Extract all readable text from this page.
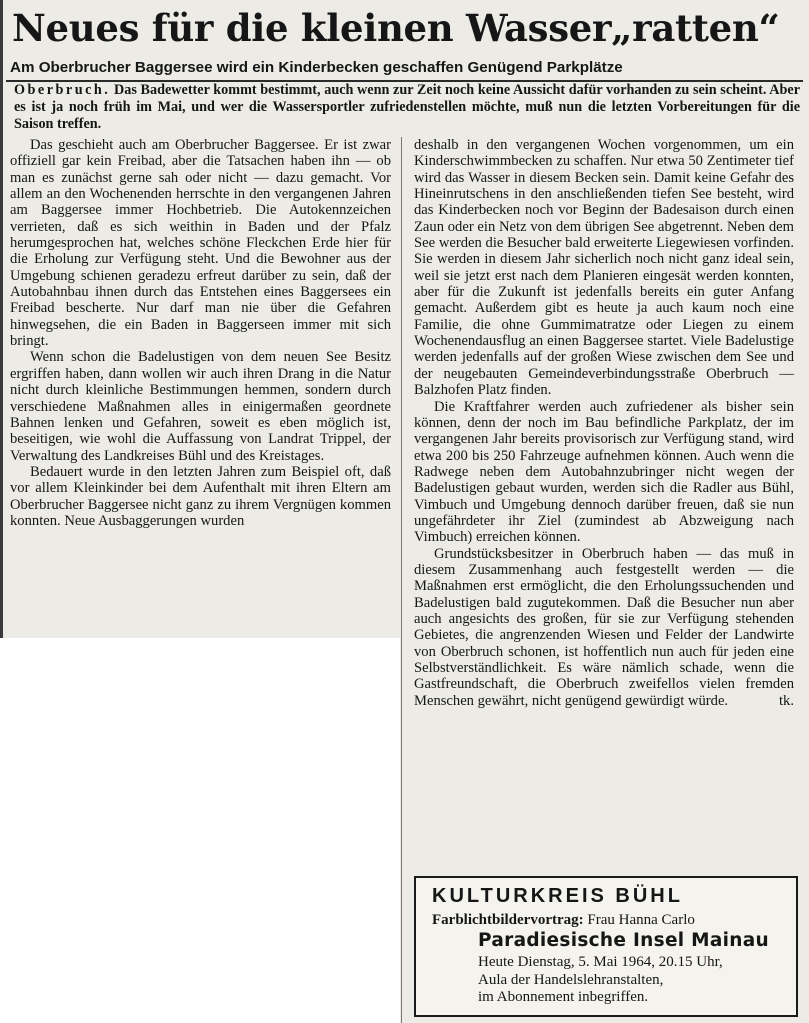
Neues für die kleinen Wasser„ratten“
Am Oberbrucher Baggersee wird ein Kinderbecken geschaffen Genügend Parkplätze
Oberbruch. Das Badewetter kommt bestimmt, auch wenn zur Zeit noch keine Aussicht dafür vorhanden zu sein scheint. Aber es ist ja noch früh im Mai, und wer die Wassersportler zufriedenstellen möchte, muß nun die letzten Vorbereitungen für die Saison treffen.

Das geschieht auch am Oberbrucher Baggersee. Er ist zwar offiziell gar kein Freibad, aber die Tatsachen haben ihn — ob man es zunächst gerne sah oder nicht — dazu gemacht. Vor allem an den Wochenenden herrschte in den vergangenen Jahren am Baggersee immer Hochbetrieb. Die Autokennzeichen verrieten, daß es sich weithin in Baden und der Pfalz herumgesprochen hat, welches schöne Fleckchen Erde hier für die Erholung zur Verfügung steht. Und die Bewohner aus der Umgebung schienen geradezu erfreut darüber zu sein, daß der Autobahnbau ihnen durch das Entstehen eines Baggersees ein Freibad bescherte. Nur darf man nie über die Gefahren hinwegsehen, die ein Baden in Baggerseen immer mit sich bringt.

Wenn schon die Badelustigen von dem neuen See Besitz ergriffen haben, dann wollen wir auch ihren Drang in die Natur nicht durch kleinliche Bestimmungen hemmen, sondern durch verschiedene Maßnahmen alles in einigermaßen geordnete Bahnen lenken und Gefahren, soweit es eben möglich ist, beseitigen, wie wohl die Auffassung von Landrat Trippel, der Verwaltung des Landkreises Bühl und des Kreistages.

Bedauert wurde in den letzten Jahren zum Beispiel oft, daß vor allem Kleinkinder bei dem Aufenthalt mit ihren Eltern am Oberbrucher Baggersee nicht ganz zu ihrem Vergnügen kommen konnten. Neue Ausbaggerungen wurden

deshalb in den vergangenen Wochen vorgenommen, um ein Kinderschwimmbecken zu schaffen. Nur etwa 50 Zentimeter tief wird das Wasser in diesem Becken sein. Damit keine Gefahr des Hineinrutschens in den anschließenden tiefen See besteht, wird das Kinderbecken noch vor Beginn der Badesaison durch einen Zaun oder ein Netz von dem übrigen See abgetrennt. Neben dem See werden die Besucher bald erweiterte Liegewiesen vorfinden. Sie werden in diesem Jahr sicherlich noch nicht ganz ideal sein, weil sie jetzt erst nach dem Planieren eingesät werden konnten, aber für die Zukunft ist jedenfalls bereits ein guter Anfang gemacht. Außerdem gibt es heute ja auch kaum noch eine Familie, die ohne Gummimatratze oder Liegen zu einem Wochenendausflug an einen Baggersee startet. Viele Badelustige werden jedenfalls auf der großen Wiese zwischen dem See und der neugebauten Gemeindeverbindungsstraße Oberbruch — Balzhofen Platz finden.

Die Kraftfahrer werden auch zufriedener als bisher sein können, denn der noch im Bau befindliche Parkplatz, der im vergangenen Jahr bereits provisorisch zur Verfügung stand, wird etwa 200 bis 250 Fahrzeuge aufnehmen können. Auch wenn die Radwege neben dem Autobahnzubringer nicht wegen der Badelustigen gebaut wurden, werden sich die Radler aus Bühl, Vimbuch und Umgebung dennoch darüber freuen, daß sie nun ungefährdeter ihr Ziel (zumindest ab Abzweigung nach Vimbuch) erreichen können.

Grundstücksbesitzer in Oberbruch haben — das muß in diesem Zusammenhang auch festgestellt werden — die Maßnahmen erst ermöglicht, die den Erholungssuchenden und Badelustigen bald zugutekommen. Daß die Besucher nun aber auch angesichts des großen, für sie zur Verfügung stehenden Gebietes, die angrenzenden Wiesen und Felder der Landwirte von Oberbruch schonen, ist hoffentlich nun auch für jeden eine Selbstverständlichkeit. Es wäre nämlich schade, wenn die Gastfreundschaft, die Oberbruch zweifellos vielen fremden Menschen gewährt, nicht genügend gewürdigt würde.	tk.

KULTURKREIS BÜHL
Farblichtbildervortrag: Frau Hanna Carlo
Paradiesische Insel Mainau
Heute Dienstag, 5. Mai 1964, 20.15 Uhr,
Aula der Handelslehranstalten,
im Abonnement inbegriffen.
